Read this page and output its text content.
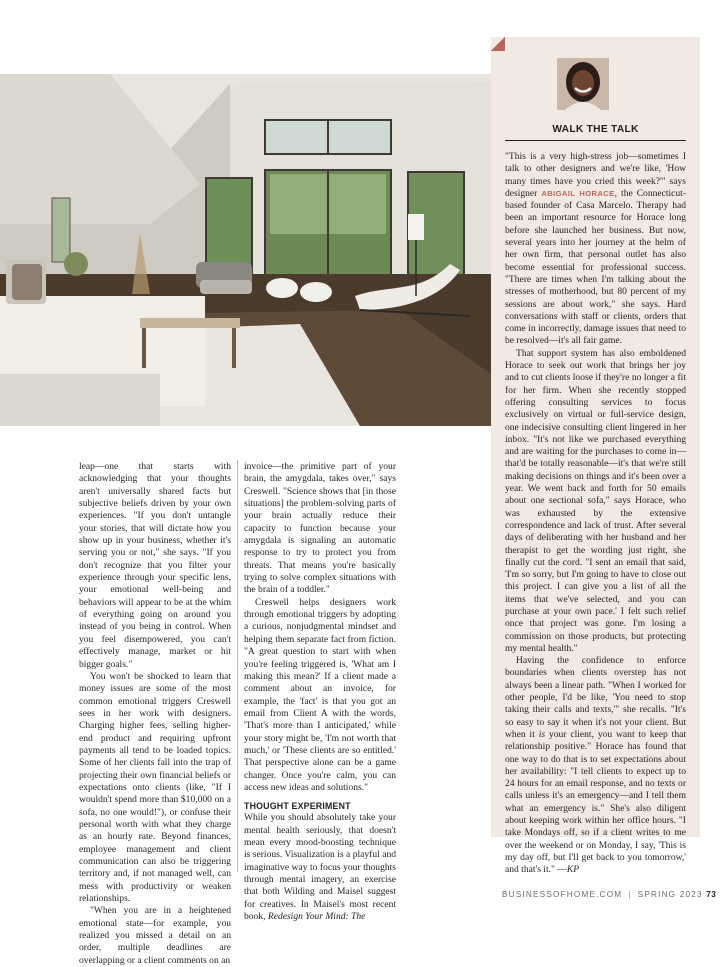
leap—one that starts with acknowledging that your thoughts aren't universally shared facts but subjective beliefs driven by your own experiences. "If you don't untangle your stories, that will dictate how you show up in your business, whether it's serving you or not," she says. "If you don't recognize that you filter your experience through your specific lens, your emotional well-being and behaviors will appear to be at the whim of everything going on around you instead of you being in control. When you feel disempowered, you can't effectively manage, market or hit bigger goals."

You won't be shocked to learn that money issues are some of the most common emotional triggers Creswell sees in her work with designers. Charging higher fees, selling higher-end product and requiring upfront payments all tend to be loaded topics. Some of her clients fall into the trap of projecting their own financial beliefs or expectations onto clients (like, "If I wouldn't spend more than $10,000 on a sofa, no one would!"), or confuse their personal worth with what they charge as an hourly rate. Beyond finances, employee management and client communication can also be triggering territory and, if not managed well, can mess with productivity or weaken relationships.

"When you are in a heightened emotional state—for example, you realized you missed a detail on an order, multiple deadlines are overlapping or a client comments on an

invoice—the primitive part of your brain, the amygdala, takes over," says Creswell. "Science shows that [in those situations] the problem-solving parts of your brain actually reduce their capacity to function because your amygdala is signaling an automatic response to try to protect you from threats. That means you're basically trying to solve complex situations with the brain of a toddler."

Creswell helps designers work through emotional triggers by adopting a curious, nonjudgmental mindset and helping them separate fact from fiction. "A great question to start with when you're feeling triggered is, 'What am I making this mean?' If a client made a comment about an invoice, for example, the 'fact' is that you got an email from Client A with the words, 'That's more than I anticipated,' while your story might be, 'I'm not worth that much,' or 'These clients are so entitled.' That perspective alone can be a game changer. Once you're calm, you can access new ideas and solutions."

THOUGHT EXPERIMENT

While you should absolutely take your mental health seriously, that doesn't mean every mood-boosting technique is serious. Visualization is a playful and imaginative way to focus your thoughts through mental imagery, an exercise that both Wilding and Maisel suggest for creatives. In Maisel's most recent book, Redesign Your Mind: The

WALK THE TALK

"This is a very high-stress job—sometimes I talk to other designers and we're like, 'How many times have you cried this week?'" says designer ABIGAIL HORACE, the Connecticut-based founder of Casa Marcelo. Therapy had been an important resource for Horace long before she launched her business. But now, several years into her journey at the helm of her own firm, that personal outlet has also become essential for professional success. "There are times when I'm talking about the stresses of motherhood, but 80 percent of my sessions are about work," she says. Hard conversations with staff or clients, orders that come in incorrectly, damage issues that need to be resolved—it's all fair game.

That support system has also emboldened Horace to seek out work that brings her joy and to cut clients loose if they're no longer a fit for her firm. When she recently stopped offering consulting services to focus exclusively on virtual or full-service design, one indecisive consulting client lingered in her inbox. "It's not like we purchased everything and are waiting for the purchases to come in—that'd be totally reasonable—it's that we're still making decisions on things and it's been over a year. We went back and forth for 50 emails about one sectional sofa," says Horace, who was exhausted by the extensive correspondence and lack of trust. After several days of deliberating with her husband and her therapist to get the wording just right, she finally cut the cord. "I sent an email that said, 'I'm so sorry, but I'm going to have to close out this project. I can give you a list of all the items that we've selected, and you can purchase at your own pace.' I felt such relief once that project was gone. I'm losing a commission on those products, but protecting my mental health."

Having the confidence to enforce boundaries when clients overstep has not always been a linear path. "When I worked for other people, I'd be like, 'You need to stop taking their calls and texts,'" she recalls. "It's so easy to say it when it's not your client. But when it is your client, you want to keep that relationship positive." Horace has found that one way to do that is to set expectations about her availability: "I tell clients to expect up to 24 hours for an email response, and no texts or calls unless it's an emergency—and I tell them what an emergency is." She's also diligent about keeping work within her office hours. "I take Mondays off, so if a client writes to me over the weekend or on Monday, I say, 'This is my day off, but I'll get back to you tomorrow,' and that's it." —KP

BUSINESSOFHOME.COM | SPRING 2023 73
